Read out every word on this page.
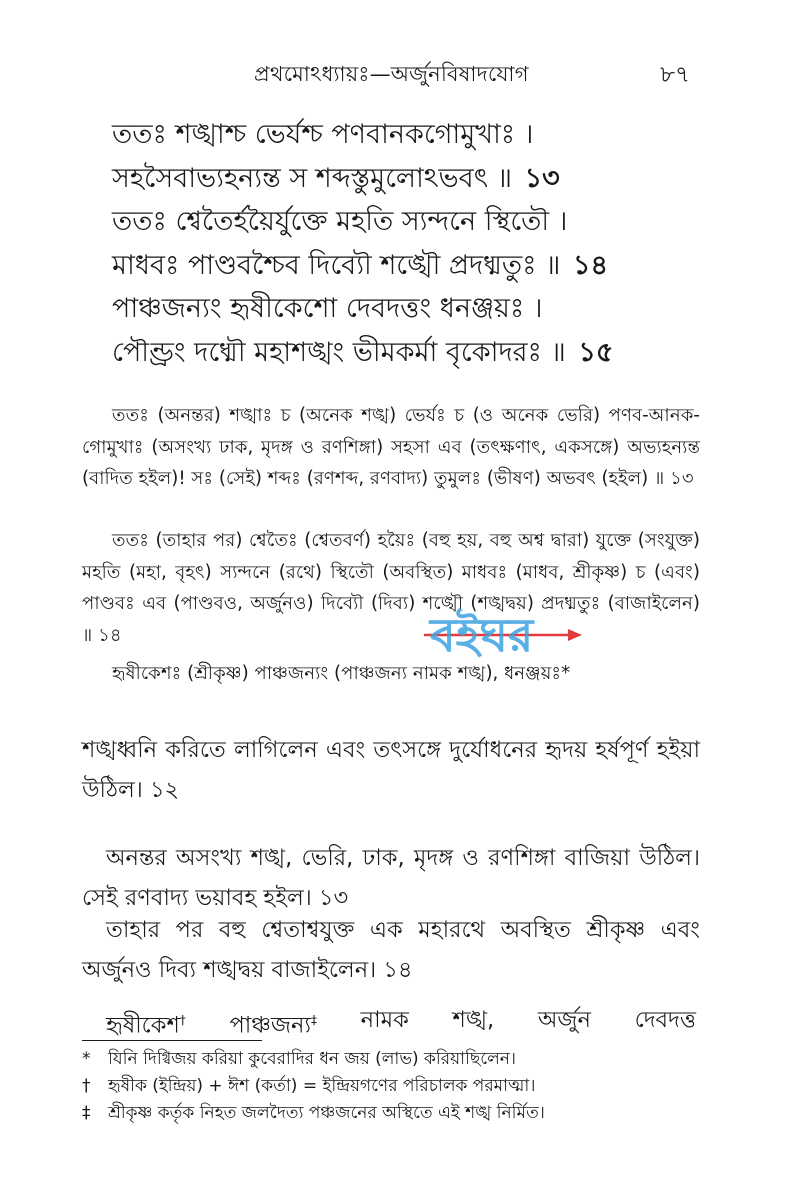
প্রথমোঽধ্যায়ঃ—অর্জুনবিষাদযোগ	৮৭
ততঃ শঙ্খাশ্চ ভের্যশ্চ পণবানকগোমুখাঃ ।
সহসৈবাভ্যহন্যন্ত স শব্দস্তুমুলোঽভবৎ ॥ ১৩
ততঃ শ্বেতৈর্হয়ৈর্যুক্তে মহতি স্যন্দনে স্থিতৌ ।
মাধবঃ পাণ্ডবশ্চৈব দিব্যৌ শঙ্খৌ প্রদধ্মতুঃ ॥ ১৪
পাঞ্চজন্যং হৃষীকেশো দেবদত্তং ধনঞ্জয়ঃ ।
পৌণ্ড্রং দধ্মৌ মহাশঙ্খং ভীমকর্মা বৃকোদরঃ ॥ ১৫

ততঃ (অনন্তর) শঙ্খাঃ চ (অনেক শঙ্খ) ভের্যঃ চ (ও অনেক ভেরি) পণব-আনক-গোমুখাঃ (অসংখ্য ঢাক, মৃদঙ্গ ও রণশিঙ্গা) সহসা এব (তৎক্ষণাৎ, একসঙ্গে) অভ্যহন্যন্ত (বাদিত হইল)! সঃ (সেই) শব্দঃ (রণশব্দ, রণবাদ্য) তুমুলঃ (ভীষণ) অভবৎ (হইল) ॥ ১৩

ততঃ (তাহার পর) শ্বেতৈঃ (শ্বেতবর্ণ) হয়ৈঃ (বহু হয়, বহু অশ্ব দ্বারা) যুক্তে (সংযুক্ত) মহতি (মহা, বৃহৎ) স্যন্দনে (রথে) স্থিতৌ (অবস্থিত) মাধবঃ (মাধব, শ্রীকৃষ্ণ) চ (এবং) পাণ্ডবঃ এব (পাণ্ডবও, অর্জুনও) দিব্যৌ (দিব্য) শঙ্খৌ (শঙ্খদ্বয়) প্রদধ্মতুঃ (বাজাইলেন) ॥ ১৪

হৃষীকেশঃ (শ্রীকৃষ্ণ) পাঞ্চজন্যং (পাঞ্চজন্য নামক শঙ্খ), ধনঞ্জয়ঃ*

শঙ্খধ্বনি করিতে লাগিলেন এবং তৎসঙ্গে দুর্যোধনের হৃদয় হর্ষপূর্ণ হইয়া উঠিল। ১২

অনন্তর অসংখ্য শঙ্খ, ভেরি, ঢাক, মৃদঙ্গ ও রণশিঙ্গা বাজিয়া উঠিল। সেই রণবাদ্য ভয়াবহ হইল। ১৩

তাহার পর বহু শ্বেতাশ্বযুক্ত এক মহারথে অবস্থিত শ্রীকৃষ্ণ এবং অর্জুনও দিব্য শঙ্খদ্বয় বাজাইলেন। ১৪

হৃষীকেশ† পাঞ্চজন্য‡ নামক শঙ্খ, অর্জুন দেবদত্ত
*	যিনি দিগ্বিজয় করিয়া কুবেরাদির ধন জয় (লাভ) করিয়াছিলেন।
†	হৃষীক (ইন্দ্রিয়) + ঈশ (কর্তা) = ইন্দ্রিয়গণের পরিচালক পরমাত্মা।
‡	শ্রীকৃষ্ণ কর্তৃক নিহত জলদৈত্য পঞ্চজনের অস্থিতে এই শঙ্খ নির্মিত।
বইঘর
